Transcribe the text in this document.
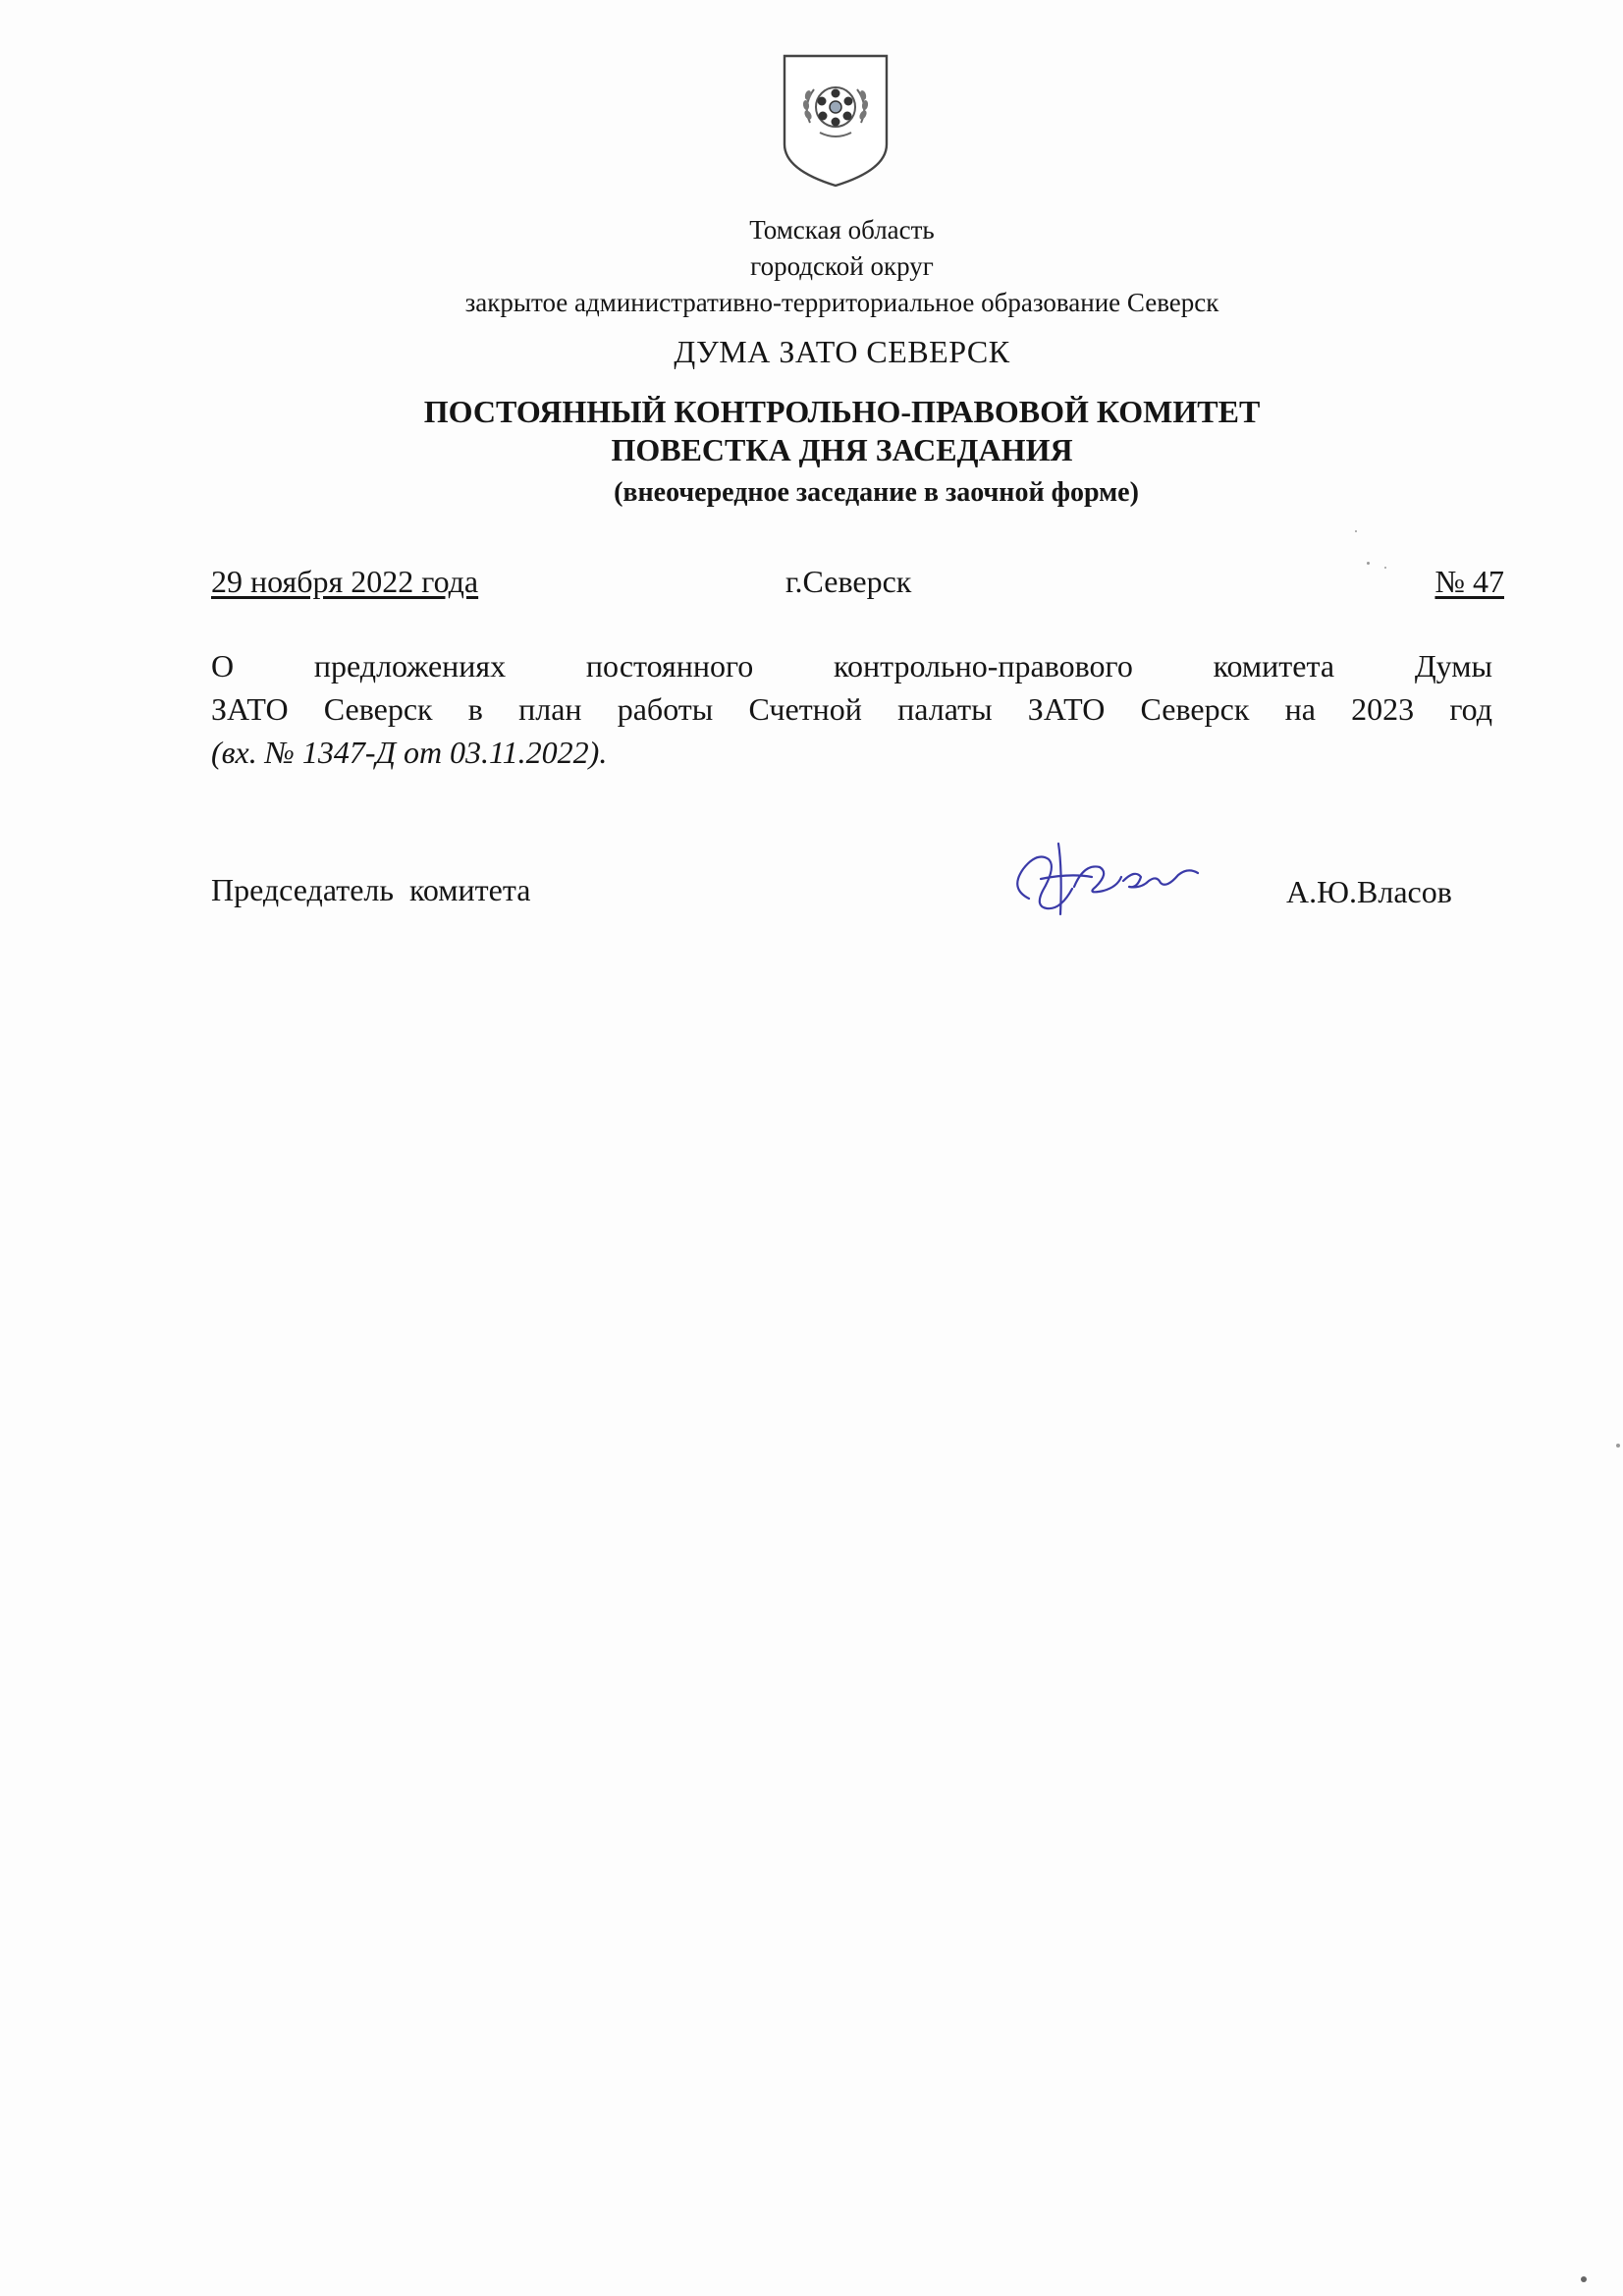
Томская область
городской округ
закрытое административно-территориальное образование Северск
ДУМА ЗАТО СЕВЕРСК
ПОСТОЯННЫЙ КОНТРОЛЬНО-ПРАВОВОЙ КОМИТЕТ
ПОВЕСТКА ДНЯ ЗАСЕДАНИЯ
(внеочередное заседание в заочной форме)
29 ноября 2022 года	г.Северск	№ 47

О предложениях постоянного контрольно-правового комитета Думы

ЗАТО Северск в план работы Счетной палаты ЗАТО Северск на 2023 год

(вх. № 1347-Д от 03.11.2022).

Председатель  комитета	А.Ю.Власов
